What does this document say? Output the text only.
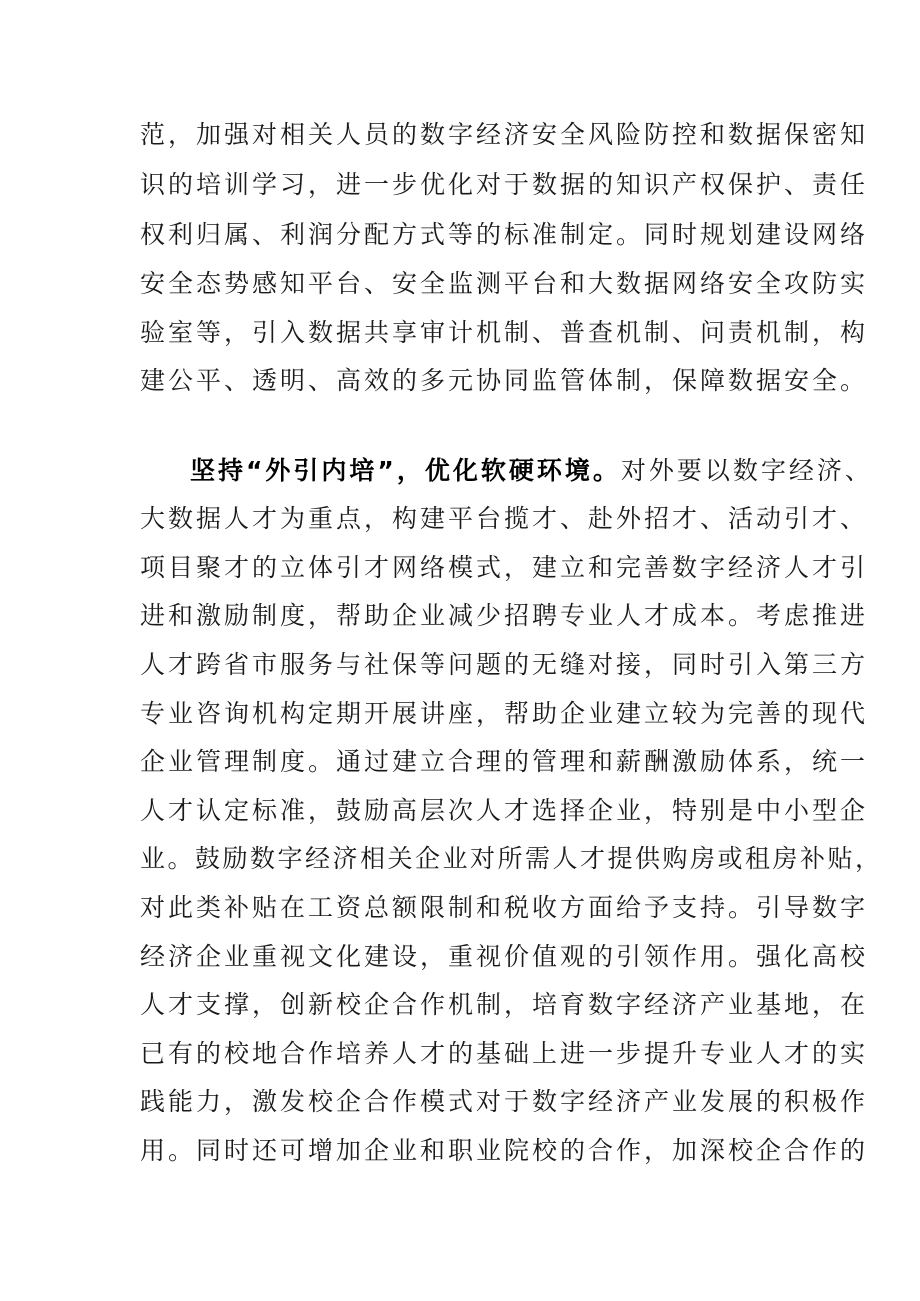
范，加强对相关人员的数字经济安全风险防控和数据保密知
识的培训学习，进一步优化对于数据的知识产权保护、责任
权利归属、利润分配方式等的标准制定。同时规划建设网络
安全态势感知平台、安全监测平台和大数据网络安全攻防实
验室等，引入数据共享审计机制、普查机制、问责机制，构
建公平、透明、高效的多元协同监管体制，保障数据安全。
坚持“外引内培”，优化软硬环境。对外要以数字经济、
大数据人才为重点，构建平台揽才、赴外招才、活动引才、
项目聚才的立体引才网络模式，建立和完善数字经济人才引
进和激励制度，帮助企业减少招聘专业人才成本。考虑推进
人才跨省市服务与社保等问题的无缝对接，同时引入第三方
专业咨询机构定期开展讲座，帮助企业建立较为完善的现代
企业管理制度。通过建立合理的管理和薪酬激励体系，统一
人才认定标准，鼓励高层次人才选择企业，特别是中小型企
业。鼓励数字经济相关企业对所需人才提供购房或租房补贴，
对此类补贴在工资总额限制和税收方面给予支持。引导数字
经济企业重视文化建设，重视价值观的引领作用。强化高校
人才支撑，创新校企合作机制，培育数字经济产业基地，在
已有的校地合作培养人才的基础上进一步提升专业人才的实
践能力，激发校企合作模式对于数字经济产业发展的积极作
用。同时还可增加企业和职业院校的合作，加深校企合作的
